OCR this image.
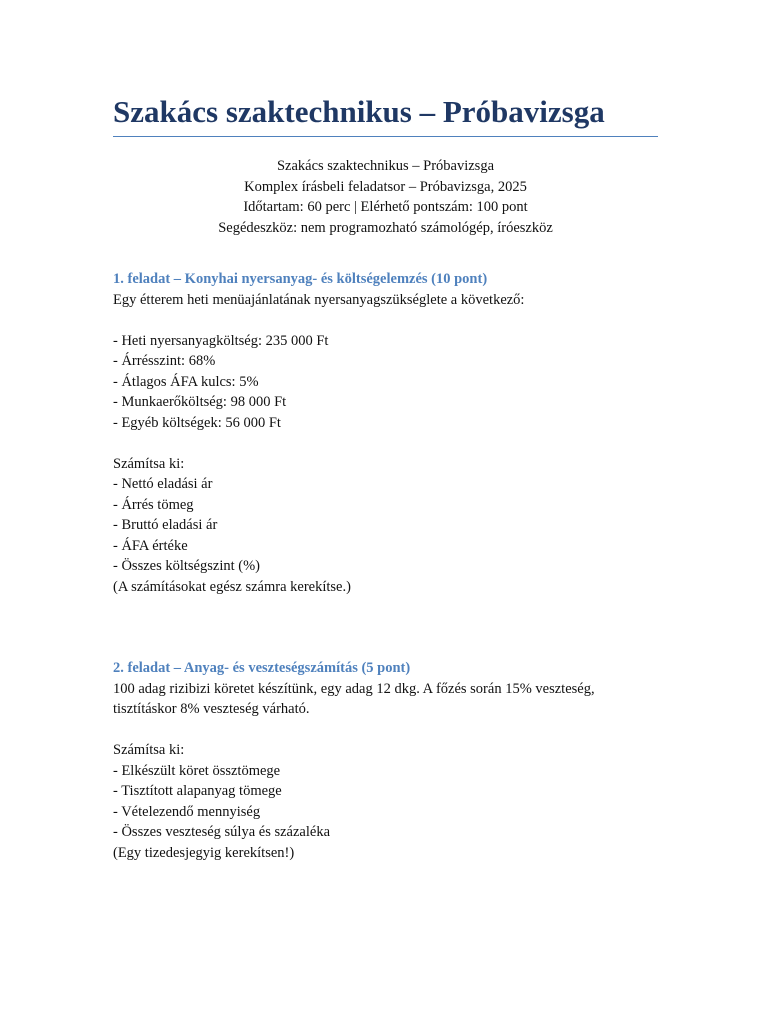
Szakács szaktechnikus – Próbavizsga
Szakács szaktechnikus – Próbavizsga
Komplex írásbeli feladatsor – Próbavizsga, 2025
Időtartam: 60 perc | Elérhető pontszám: 100 pont
Segédeszköz: nem programozható számológép, íróeszköz
1. feladat – Konyhai nyersanyag- és költségelemzés (10 pont)
Egy étterem heti menüajánlatának nyersanyagszükséglete a következő:
- Heti nyersanyagköltség: 235 000 Ft
- Árrésszint: 68%
- Átlagos ÁFA kulcs: 5%
- Munkaerőköltség: 98 000 Ft
- Egyéb költségek: 56 000 Ft
Számítsa ki:
- Nettó eladási ár
- Árrés tömeg
- Bruttó eladási ár
- ÁFA értéke
- Összes költségszint (%)
(A számításokat egész számra kerekítse.)
2. feladat – Anyag- és veszteségszámítás (5 pont)
100 adag rizibizi köretet készítünk, egy adag 12 dkg. A főzés során 15% veszteség,
tisztításkor 8% veszteség várható.
Számítsa ki:
- Elkészült köret össztömege
- Tisztított alapanyag tömege
- Vételezendő mennyiség
- Összes veszteség súlya és százaléka
(Egy tizedesjegyig kerekítsen!)
